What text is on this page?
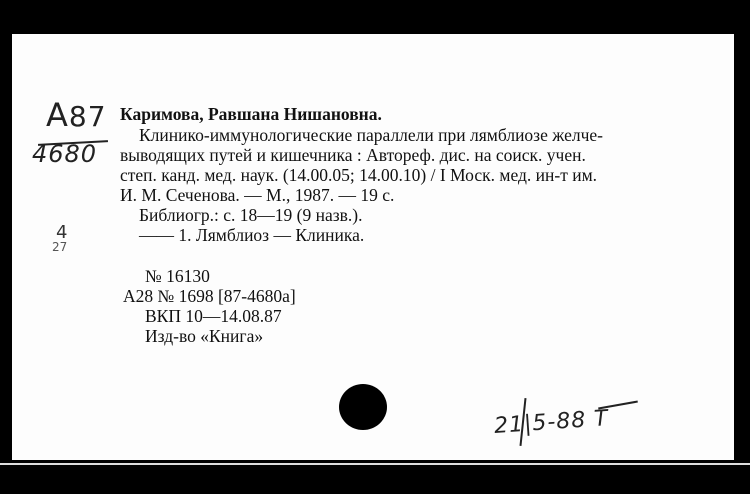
А87
4680
4
27
Каримова, Равшана Нишановна.
Клинико-иммунологические параллели при лямблиозе желче-
выводящих путей и кишечника : Автореф. дис. на соиск. учен.
степ. канд. мед. наук. (14.00.05; 14.00.10) / I Моск. мед. ин-т им.
И. М. Сеченова. — М., 1987. — 19 с.
Библиогр.: с. 18—19 (9 назв.).
—— 1. Лямблиоз — Клиника.
№ 16130
А28 № 1698 [87-4680а]
ВКП 10—14.08.87
Изд-во «Книга»
21|5-88 Т
